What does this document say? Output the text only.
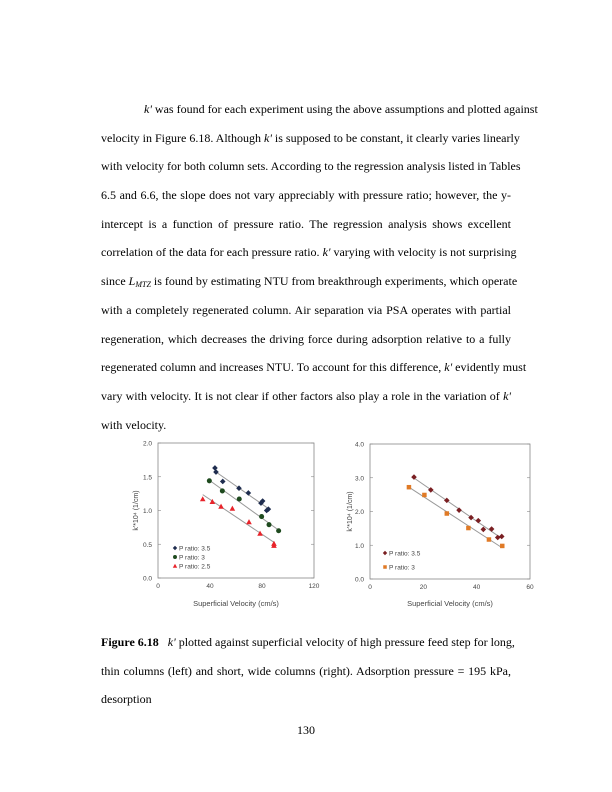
k' was found for each experiment using the above assumptions and plotted against
velocity in Figure 6.18. Although k' is supposed to be constant, it clearly varies linearly
with velocity for both column sets. According to the regression analysis listed in Tables
6.5 and 6.6, the slope does not vary appreciably with pressure ratio; however, the y-
intercept is a function of pressure ratio. The regression analysis shows excellent
correlation of the data for each pressure ratio. k' varying with velocity is not surprising
since $L_{MTZ}$ is found by estimating NTU from breakthrough experiments, which operate
with a completely regenerated column. Air separation via PSA operates with partial
regeneration, which decreases the driving force during adsorption relative to a fully
regenerated column and increases NTU. To account for this difference, k' evidently must
vary with velocity. It is not clear if other factors also play a role in the variation of k'
with velocity.
0.0
0.5
1.0
1.5
2.0
0	40	80	120
Superficial Velocity (cm/s)
k'*10⁴ (1/cm)
P ratio: 3.5
P ratio: 3
P ratio: 2.5
0.0
1.0
2.0
3.0
4.0
0	20	40	60
Superficial Velocity (cm/s)
k'*10⁴ (1/cm)
P ratio: 3.5
P ratio: 3
Figure 6.18 k' plotted against superficial velocity of high pressure feed step for long,
thin columns (left) and short, wide columns (right). Adsorption pressure = 195 kPa,
desorption
130
